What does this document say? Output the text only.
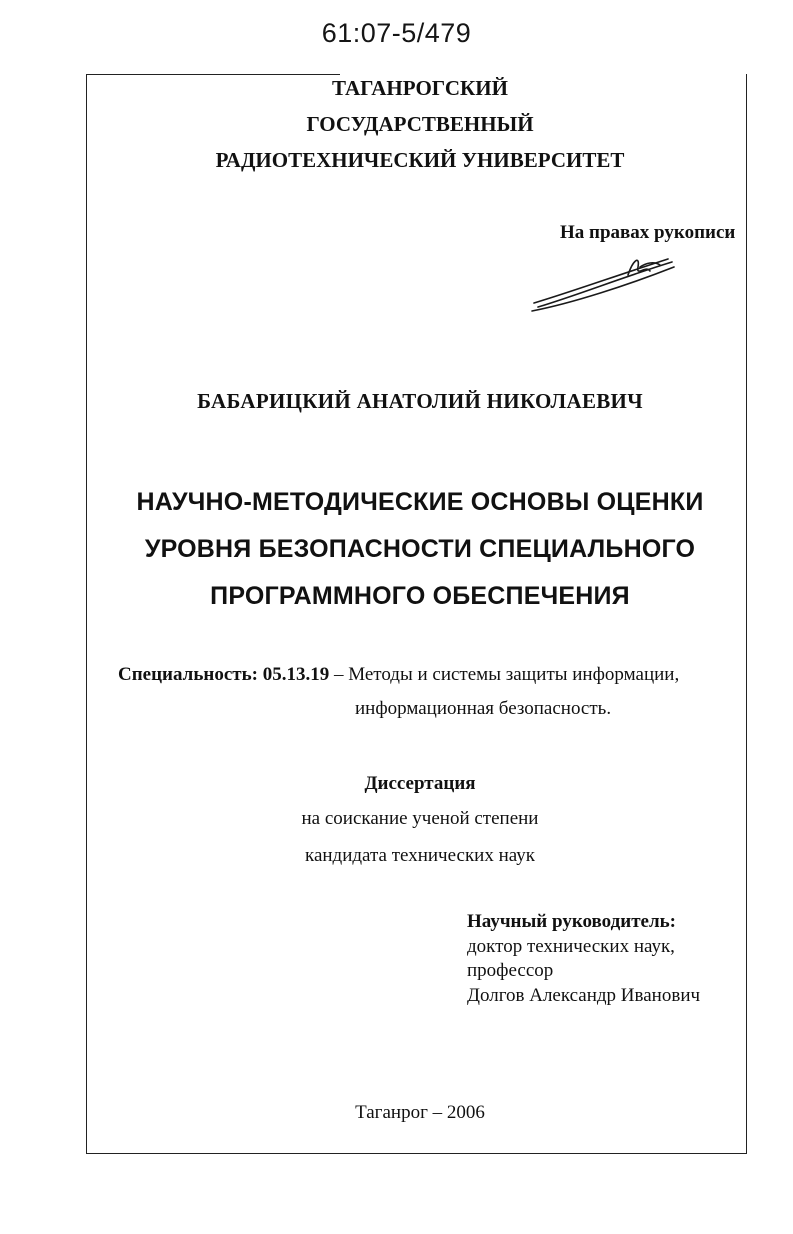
61:07-5/479
ТАГАНРОГСКИЙ
ГОСУДАРСТВЕННЫЙ
РАДИОТЕХНИЧЕСКИЙ УНИВЕРСИТЕТ
На правах рукописи
БАБАРИЦКИЙ АНАТОЛИЙ НИКОЛАЕВИЧ
НАУЧНО-МЕТОДИЧЕСКИЕ ОСНОВЫ ОЦЕНКИ
УРОВНЯ БЕЗОПАСНОСТИ СПЕЦИАЛЬНОГО
ПРОГРАММНОГО ОБЕСПЕЧЕНИЯ
Специальность: 05.13.19 – Методы и системы защиты информации,
информационная безопасность.
Диссертация
на соискание ученой степени
кандидата технических наук
Научный руководитель:
доктор технических наук,
профессор
Долгов Александр Иванович
Таганрог – 2006
